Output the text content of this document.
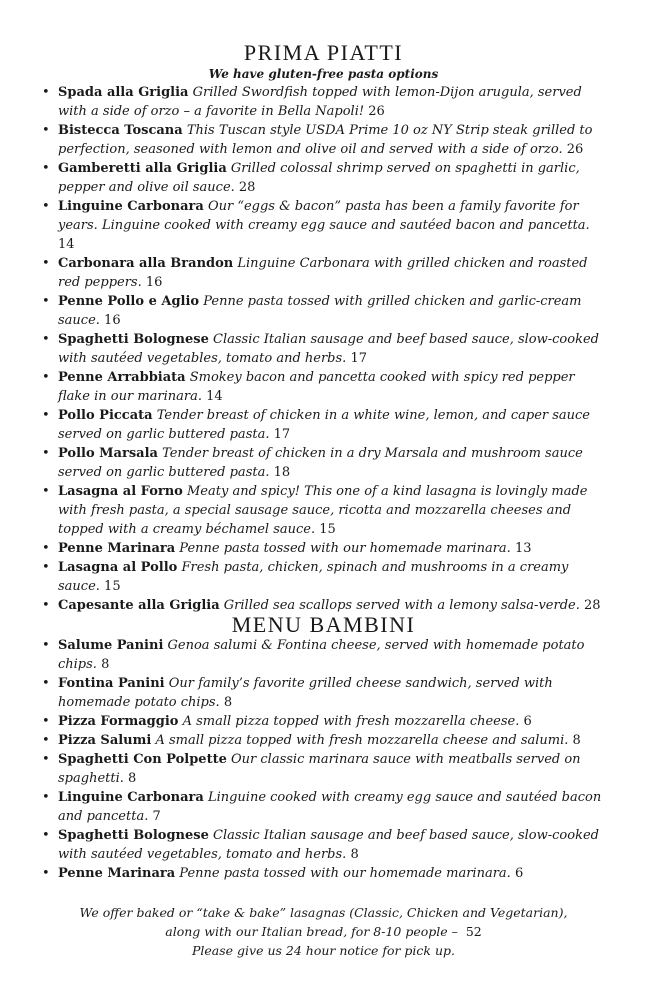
PRIMA PIATTI

We have gluten-free pasta options

• Spada alla Griglia Grilled Swordfish topped with lemon-Dijon arugula, served with a side of orzo – a favorite in Bella Napoli! 26
• Bistecca Toscana This Tuscan style USDA Prime 10 oz NY Strip steak grilled to perfection, seasoned with lemon and olive oil and served with a side of orzo. 26
• Gamberetti alla Griglia Grilled colossal shrimp served on spaghetti in garlic, pepper and olive oil sauce. 28
• Linguine Carbonara Our “eggs & bacon” pasta has been a family favorite for years. Linguine cooked with creamy egg sauce and sautéed bacon and pancetta. 14
• Carbonara alla Brandon Linguine Carbonara with grilled chicken and roasted red peppers. 16
• Penne Pollo e Aglio Penne pasta tossed with grilled chicken and garlic-cream sauce. 16
• Spaghetti Bolognese Classic Italian sausage and beef based sauce, slow-cooked with sautéed vegetables, tomato and herbs. 17
• Penne Arrabbiata Smokey bacon and pancetta cooked with spicy red pepper flake in our marinara. 14
• Pollo Piccata Tender breast of chicken in a white wine, lemon, and caper sauce served on garlic buttered pasta. 17
• Pollo Marsala Tender breast of chicken in a dry Marsala and mushroom sauce served on garlic buttered pasta. 18
• Lasagna al Forno Meaty and spicy! This one of a kind lasagna is lovingly made with fresh pasta, a special sausage sauce, ricotta and mozzarella cheeses and topped with a creamy béchamel sauce. 15
• Penne Marinara Penne pasta tossed with our homemade marinara. 13
• Lasagna al Pollo Fresh pasta, chicken, spinach and mushrooms in a creamy sauce. 15
• Capesante alla Griglia Grilled sea scallops served with a lemony salsa-verde. 28
MENU BAMBINI
• Salume Panini Genoa salumi & Fontina cheese, served with homemade potato chips. 8
• Fontina Panini Our family’s favorite grilled cheese sandwich, served with homemade potato chips. 8
• Pizza Formaggio A small pizza topped with fresh mozzarella cheese. 6
• Pizza Salumi A small pizza topped with fresh mozzarella cheese and salumi. 8
• Spaghetti Con Polpette Our classic marinara sauce with meatballs served on spaghetti. 8
• Linguine Carbonara Linguine cooked with creamy egg sauce and sautéed bacon and pancetta. 7
• Spaghetti Bolognese Classic Italian sausage and beef based sauce, slow-cooked with sautéed vegetables, tomato and herbs. 8
• Penne Marinara Penne pasta tossed with our homemade marinara. 6

We offer baked or “take & bake” lasagnas (Classic, Chicken and Vegetarian),

along with our Italian bread, for 8-10 people – 52

Please give us 24 hour notice for pick up.
